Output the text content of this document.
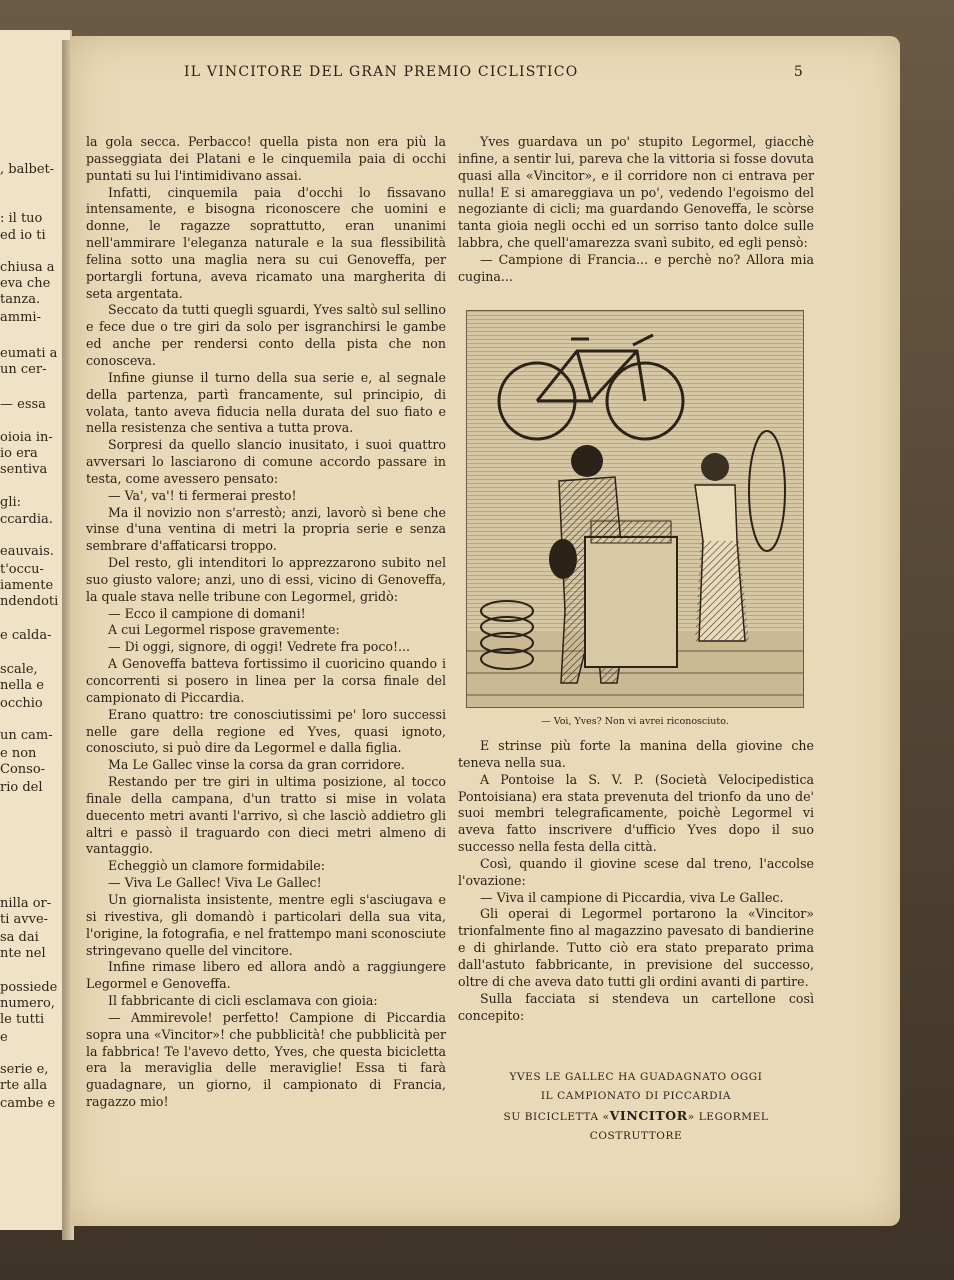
, balbet-
: il tuo
ed io ti
chiusa a
eva che
tanza.
ammi-
eumati a
un cer-
— essa
oioia in-
io era
sentiva
gli:
ccardia.
eauvais.
t'occu-
iamente
ndendoti
e calda-
scale,
nella e
occhio
un cam-
e non
Conso-
rio del
nilla or-
ti avve-
sa dai
nte nel
possiede
numero,
le tutti
e
serie e,
rte alla
cambe e
IL VINCITORE DEL GRAN PREMIO CICLISTICO	5

la gola secca. Perbacco! quella pista non era più la passeggiata dei Platani e le cinquemila paia di occhi puntati su lui l'intimidivano assai.

Infatti, cinquemila paia d'occhi lo fissavano intensamente, e bisogna riconoscere che uomini e donne, le ragazze soprattutto, eran unanimi nell'ammirare l'eleganza naturale e la sua flessibilità felina sotto una maglia nera su cui Genoveffa, per portargli fortuna, aveva ricamato una margherita di seta argentata.

Seccato da tutti quegli sguardi, Yves saltò sul sellino e fece due o tre giri da solo per isgranchirsi le gambe ed anche per rendersi conto della pista che non conosceva.

Infine giunse il turno della sua serie e, al segnale della partenza, partì francamente, sul principio, di volata, tanto aveva fiducia nella durata del suo fiato e nella resistenza che sentiva a tutta prova.

Sorpresi da quello slancio inusitato, i suoi quattro avversari lo lasciarono di comune accordo passare in testa, come avessero pensato:

— Va', va'! ti fermerai presto!

Ma il novizio non s'arrestò; anzi, lavorò sì bene che vinse d'una ventina di metri la propria serie e senza sembrare d'affaticarsi troppo.

Del resto, gli intenditori lo apprezzarono subito nel suo giusto valore; anzi, uno di essi, vicino di Genoveffa, la quale stava nelle tribune con Legormel, gridò:

— Ecco il campione di domani!

A cui Legormel rispose gravemente:

— Di oggi, signore, di oggi! Vedrete fra poco!...

A Genoveffa batteva fortissimo il cuoricino quando i concorrenti si posero in linea per la corsa finale del campionato di Piccardia.

Erano quattro: tre conosciutissimi pe' loro successi nelle gare della regione ed Yves, quasi ignoto, conosciuto, si può dire da Legormel e dalla figlia.

Ma Le Gallec vinse la corsa da gran corridore.

Restando per tre giri in ultima posizione, al tocco finale della campana, d'un tratto si mise in volata duecento metri avanti l'arrivo, sì che lasciò addietro gli altri e passò il traguardo con dieci metri almeno di vantaggio.

Echeggiò un clamore formidabile:

— Viva Le Gallec! Viva Le Gallec!

Un giornalista insistente, mentre egli s'asciugava e si rivestiva, gli domandò i particolari della sua vita, l'origine, la fotografia, e nel frattempo mani sconosciute stringevano quelle del vincitore.

Infine rimase libero ed allora andò a raggiungere Legormel e Genoveffa.

Il fabbricante di cicli esclamava con gioia:

— Ammirevole! perfetto! Campione di Piccardia sopra una «Vincitor»! che pubblicità! che pubblicità per la fabbrica! Te l'avevo detto, Yves, che questa bicicletta era la meraviglia delle meraviglie! Essa ti farà guadagnare, un giorno, il campionato di Francia, ragazzo mio!

Yves guardava un po' stupito Legormel, giacchè infine, a sentir lui, pareva che la vittoria si fosse dovuta quasi alla «Vincitor», e il corridore non ci entrava per nulla! E si amareggiava un po', vedendo l'egoismo del negoziante di cicli; ma guardando Genoveffa, le scòrse tanta gioia negli occhi ed un sorriso tanto dolce sulle labbra, che quell'amarezza svanì subito, ed egli pensò:

— Campione di Francia... e perchè no? Allora mia cugina...

— Voi, Yves? Non vi avrei riconosciuto.

E strinse più forte la manina della giovine che teneva nella sua.

A Pontoise la S. V. P. (Società Velocipedistica Pontoisiana) era stata prevenuta del trionfo da uno de' suoi membri telegraficamente, poichè Legormel vi aveva fatto inscrivere d'ufficio Yves dopo il suo successo nella festa della città.

Così, quando il giovine scese dal treno, l'accolse l'ovazione:

— Viva il campione di Piccardia, viva Le Gallec.

Gli operai di Legormel portarono la «Vincitor» trionfalmente fino al magazzino pavesato di bandierine e di ghirlande. Tutto ciò era stato preparato prima dall'astuto fabbricante, in previsione del successo, oltre di che aveva dato tutti gli ordini avanti di partire.

Sulla facciata si stendeva un cartellone così concepito:

YVES LE GALLEC HA GUADAGNATO OGGI
IL CAMPIONATO DI PICCARDIA
SU BICICLETTA «VINCITOR» LEGORMEL COSTRUTTORE
